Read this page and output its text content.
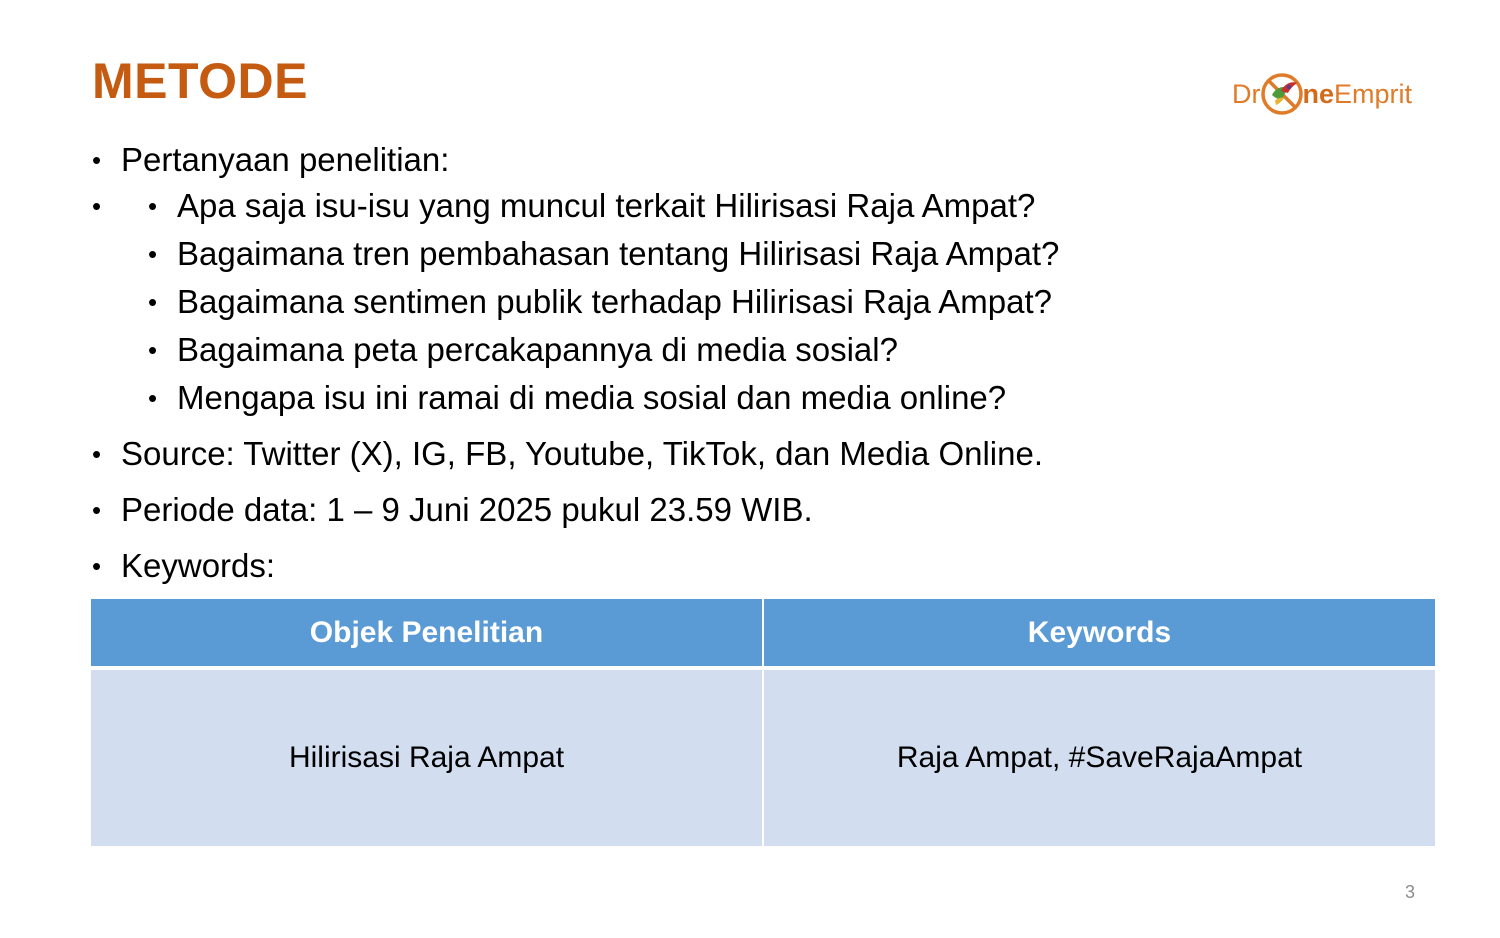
METODE	Dr ne Emprit
• Pertanyaan penelitian:
• • Apa saja isu-isu yang muncul terkait Hilirisasi Raja Ampat?
• Bagaimana tren pembahasan tentang Hilirisasi Raja Ampat?
• Bagaimana sentimen publik terhadap Hilirisasi Raja Ampat?
• Bagaimana peta percakapannya di media sosial?
• Mengapa isu ini ramai di media sosial dan media online?
• Source: Twitter (X), IG, FB, Youtube, TikTok, dan Media Online.
• Periode data: 1 – 9 Juni 2025 pukul 23.59 WIB.
• Keywords:
Objek Penelitian	Keywords
Hilirisasi Raja Ampat	Raja Ampat, #SaveRajaAmpat
3
